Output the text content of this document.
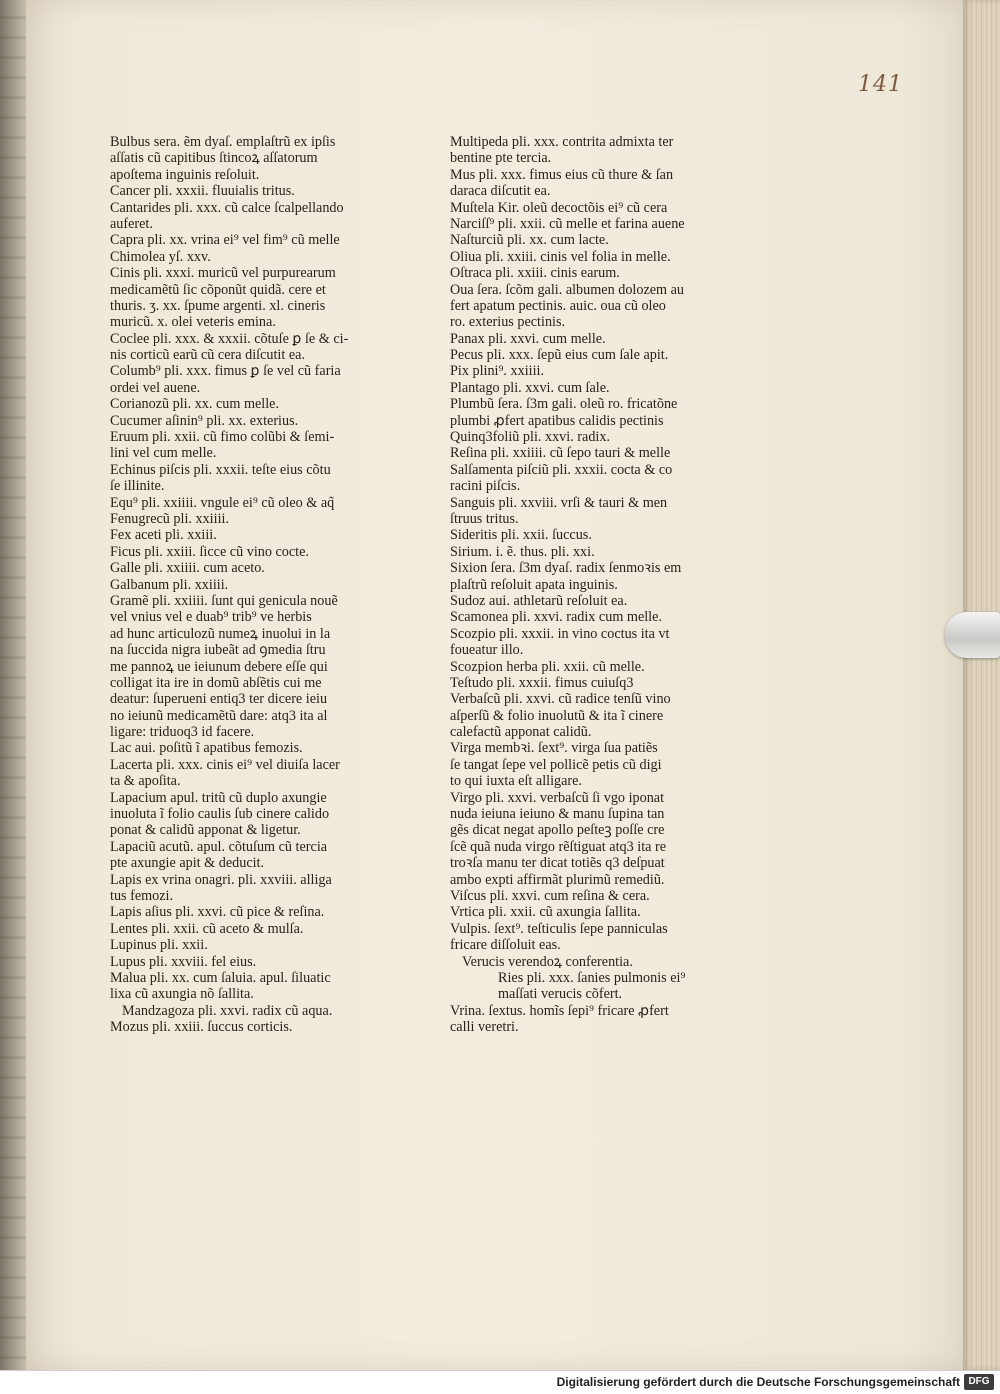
141
Bulbus sera. ẽm dyaſ. emplaſtrũ ex ipſis
aſſatis cũ capitibus ſtincoꝝ aſſatorum
apoſtema inguinis reſoluit.
Cancer pli. xxxii. fluuialis tritus.
Cantarides pli. xxx. cũ calce ſcalpellando
auferet.
Capra pli. xx. vrina ei⁹ vel fim⁹ cũ melle
Chimolea yſ. xxv.
Cinis pli. xxxi. muricũ vel purpurearum
medicamẽtũ ſic cõponũt quidã. cere et
thuris. ʒ. xx. ſpume argenti. xl. cineris
muricũ. x. olei veteris emina.
Coclee pli. xxx. & xxxii. cõtuſe ꝑ ſe & ci-
nis corticũ earũ cũ cera diſcutit ea.
Columb⁹ pli. xxx. fimus ꝑ ſe vel cũ faria
ordei vel auene.
Corianozũ pli. xx. cum melle.
Cucumer aſinin⁹ pli. xx. exterius.
Eruum pli. xxii. cũ fimo colũbi & ſemi-
lini vel cum melle.
Echinus piſcis pli. xxxii. teſte eius cõtu
ſe illinite.
Equ⁹ pli. xxiiii. vngule ei⁹ cũ oleo & aq̃
Fenugrecũ pli. xxiiii.
Fex aceti pli. xxiii.
Ficus pli. xxiii. ſicce cũ vino cocte.
Galle pli. xxiiii. cum aceto.
Galbanum pli. xxiiii.
Gramẽ pli. xxiiii. ſunt qui genicula nouẽ
vel vnius vel e duab⁹ trib⁹ ve herbis
ad hunc articulozũ numeꝝ inuolui in la
na ſuccida nigra iubeãt ad ꝯmedia ſtru
me pannoꝝ ue ieiunum debere eſſe qui
colligat ita ire in domũ abſẽtis cui me
deatur: ſuperueni entiq3 ter dicere ieiu
no ieiunũ medicamẽtũ dare: atq3 ita al
ligare: triduoq3 id facere.
Lac aui. poſitũ ĩ apatibus femozis.
Lacerta pli. xxx. cinis ei⁹ vel diuiſa lacer
ta & apoſita.
Lapacium apul. tritũ cũ duplo axungie
inuoluta ĩ folio caulis ſub cinere calido
ponat & calidũ apponat & ligetur.
Lapaciũ acutũ. apul. cõtuſum cũ tercia
pte axungie apit & deducit.
Lapis ex vrina onagri. pli. xxviii. alliga
tus femozi.
Lapis aſius pli. xxvi. cũ pice & reſina.
Lentes pli. xxii. cũ aceto & mulſa.
Lupinus pli. xxii.
Lupus pli. xxviii. fel eius.
Malua pli. xx. cum ſaluia. apul. ſiluatic
lixa cũ axungia nõ ſallita.
Mandzagoza pli. xxvi. radix cũ aqua.
Mozus pli. xxiii. ſuccus corticis.
Multipeda pli. xxx. contrita admixta ter
bentine pte tercia.
Mus pli. xxx. fimus eius cũ thure & ſan
daraca diſcutit ea.
Muſtela Kir. oleũ decoctõis ei⁹ cũ cera
Narciſſ⁹ pli. xxii. cũ melle et farina auene
Naſturciũ pli. xx. cum lacte.
Oliua pli. xxiii. cinis vel folia in melle.
Oſtraca pli. xxiii. cinis earum.
Oua ſera. ſcõm gali. albumen dolozem au
fert apatum pectinis. auic. oua cũ oleo
ro. exterius pectinis.
Panax pli. xxvi. cum melle.
Pecus pli. xxx. ſepũ eius cum ſale apit.
Pix plini⁹. xxiiii.
Plantago pli. xxvi. cum ſale.
Plumbũ ſera. ſ3m gali. oleũ ro. fricatõne
plumbi ꝓfert apatibus calidis pectinis
Quinq3foliũ pli. xxvi. radix.
Reſina pli. xxiiii. cũ ſepo tauri & melle
Salſamenta piſciũ pli. xxxii. cocta & co
racini piſcis.
Sanguis pli. xxviii. vrſi & tauri & men
ſtruus tritus.
Sideritis pli. xxii. ſuccus.
Sirium. i. ẽ. thus. pli. xxi.
Sixion ſera. ſ3m dyaſ. radix ſenmoꝛis em
plaſtrũ reſoluit apata inguinis.
Sudoz aui. athletarũ reſoluit ea.
Scamonea pli. xxvi. radix cum melle.
Scozpio pli. xxxii. in vino coctus ita vt
foueatur illo.
Scozpion herba pli. xxii. cũ melle.
Teſtudo pli. xxxii. fimus cuiuſq3
Verbaſcũ pli. xxvi. cũ radice tenſũ vino
aſperſũ & folio inuolutũ & ita ĩ cinere
calefactũ apponat calidũ.
Virga membꝛi. ſext⁹. virga ſua patiẽs
ſe tangat ſepe vel pollicẽ petis cũ digi
to qui iuxta eſt alligare.
Virgo pli. xxvi. verbaſcũ ſi vgo iponat
nuda ieiuna ieiuno & manu ſupina tan
gẽs dicat negat apollo peſteꝫ poſſe cre
ſcẽ quã nuda virgo rẽſtiguat atq3 ita re
troꝛſa manu ter dicat totiẽs q3 deſpuat
ambo expti affirmãt plurimũ remediũ.
Viſcus pli. xxvi. cum reſina & cera.
Vrtica pli. xxii. cũ axungia ſallita.
Vulpis. ſext⁹. teſticulis ſepe panniculas
fricare diſſoluit eas.
Verucis verendoꝝ conferentia.
Ries pli. xxx. ſanies pulmonis ei⁹
maſſati verucis cõfert.
Vrina. ſextus. homĩs ſepi⁹ fricare ꝓfert
calli veretri.
Digitalisierung gefördert durch die Deutsche Forschungsgemeinschaft DFG
